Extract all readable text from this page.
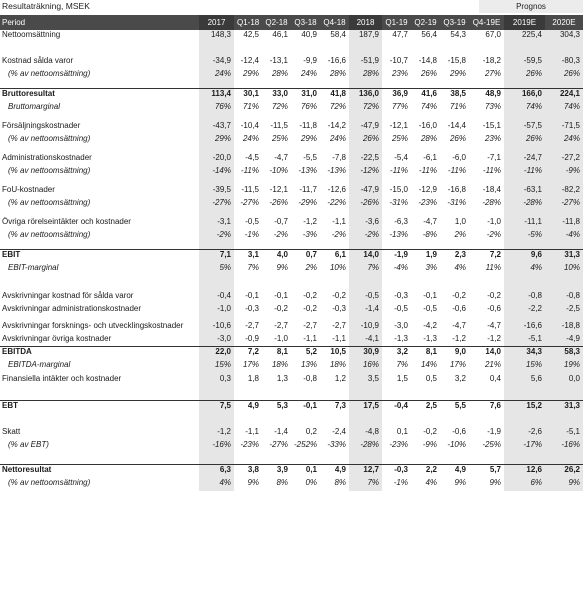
Resultaträkning, MSEK	Prognos
Period	2017	Q1-18	Q2-18	Q3-18	Q4-18	2018	Q1-19	Q2-19	Q3-19	Q4-19E	2019E	2020E
Nettoomsättning	148,3	42,5	46,1	40,9	58,4	187,9	47,7	56,4	54,3	67,0	225,4	304,3
Kostnad sålda varor	-34,9	-12,4	-13,1	-9,9	-16,6	-51,9	-10,7	-14,8	-15,8	-18,2	-59,5	-80,3
(% av nettoomsättning)	24%	29%	28%	24%	28%	28%	23%	26%	29%	27%	26%	26%
Bruttoresultat	113,4	30,1	33,0	31,0	41,8	136,0	36,9	41,6	38,5	48,9	166,0	224,1
Bruttomarginal	76%	71%	72%	76%	72%	72%	77%	74%	71%	73%	74%	74%
Försäljningskostnader	-43,7	-10,4	-11,5	-11,8	-14,2	-47,9	-12,1	-16,0	-14,4	-15,1	-57,5	-71,5
(% av nettoomsättning)	29%	24%	25%	29%	24%	26%	25%	28%	26%	23%	26%	24%
Administrationskostnader	-20,0	-4,5	-4,7	-5,5	-7,8	-22,5	-5,4	-6,1	-6,0	-7,1	-24,7	-27,2
(% av nettoomsättning)	-14%	-11%	-10%	-13%	-13%	-12%	-11%	-11%	-11%	-11%	-11%	-9%
FoU-kostnader	-39,5	-11,5	-12,1	-11,7	-12,6	-47,9	-15,0	-12,9	-16,8	-18,4	-63,1	-82,2
(% av nettoomsättning)	-27%	-27%	-26%	-29%	-22%	-26%	-31%	-23%	-31%	-28%	-28%	-27%
Övriga rörelseintäkter och kostnader	-3,1	-0,5	-0,7	-1,2	-1,1	-3,6	-6,3	-4,7	1,0	-1,0	-11,1	-11,8
(% av nettoomsättning)	-2%	-1%	-2%	-3%	-2%	-2%	-13%	-8%	2%	-2%	-5%	-4%
EBIT	7,1	3,1	4,0	0,7	6,1	14,0	-1,9	1,9	2,3	7,2	9,6	31,3
EBIT-marginal	5%	7%	9%	2%	10%	7%	-4%	3%	4%	11%	4%	10%
Avskrivningar kostnad för sålda varor	-0,4	-0,1	-0,1	-0,2	-0,2	-0,5	-0,3	-0,1	-0,2	-0,2	-0,8	-0,8
Avskrivningar administrationskostnader	-1,0	-0,3	-0,2	-0,2	-0,3	-1,4	-0,5	-0,5	-0,6	-0,6	-2,2	-2,5
Avskrivningar forsknings- och utvecklingskostnader	-10,6	-2,7	-2,7	-2,7	-2,7	-10,9	-3,0	-4,2	-4,7	-4,7	-16,6	-18,8
Avskrivningar övriga kostnader	-3,0	-0,9	-1,0	-1,1	-1,1	-4,1	-1,3	-1,3	-1,2	-1,2	-5,1	-4,9
EBITDA	22,0	7,2	8,1	5,2	10,5	30,9	3,2	8,1	9,0	14,0	34,3	58,3
EBITDA-marginal	15%	17%	18%	13%	18%	16%	7%	14%	17%	21%	15%	19%
Finansiella intäkter och kostnader	0,3	1,8	1,3	-0,8	1,2	3,5	1,5	0,5	3,2	0,4	5,6	0,0
EBT	7,5	4,9	5,3	-0,1	7,3	17,5	-0,4	2,5	5,5	7,6	15,2	31,3
Skatt	-1,2	-1,1	-1,4	0,2	-2,4	-4,8	0,1	-0,2	-0,6	-1,9	-2,6	-5,1
(% av EBT)	-16%	-23%	-27%	-252%	-33%	-28%	-23%	-9%	-10%	-25%	-17%	-16%
Nettoresultat	6,3	3,8	3,9	0,1	4,9	12,7	-0,3	2,2	4,9	5,7	12,6	26,2
(% av nettoomsättning)	4%	9%	8%	0%	8%	7%	-1%	4%	9%	9%	6%	9%
